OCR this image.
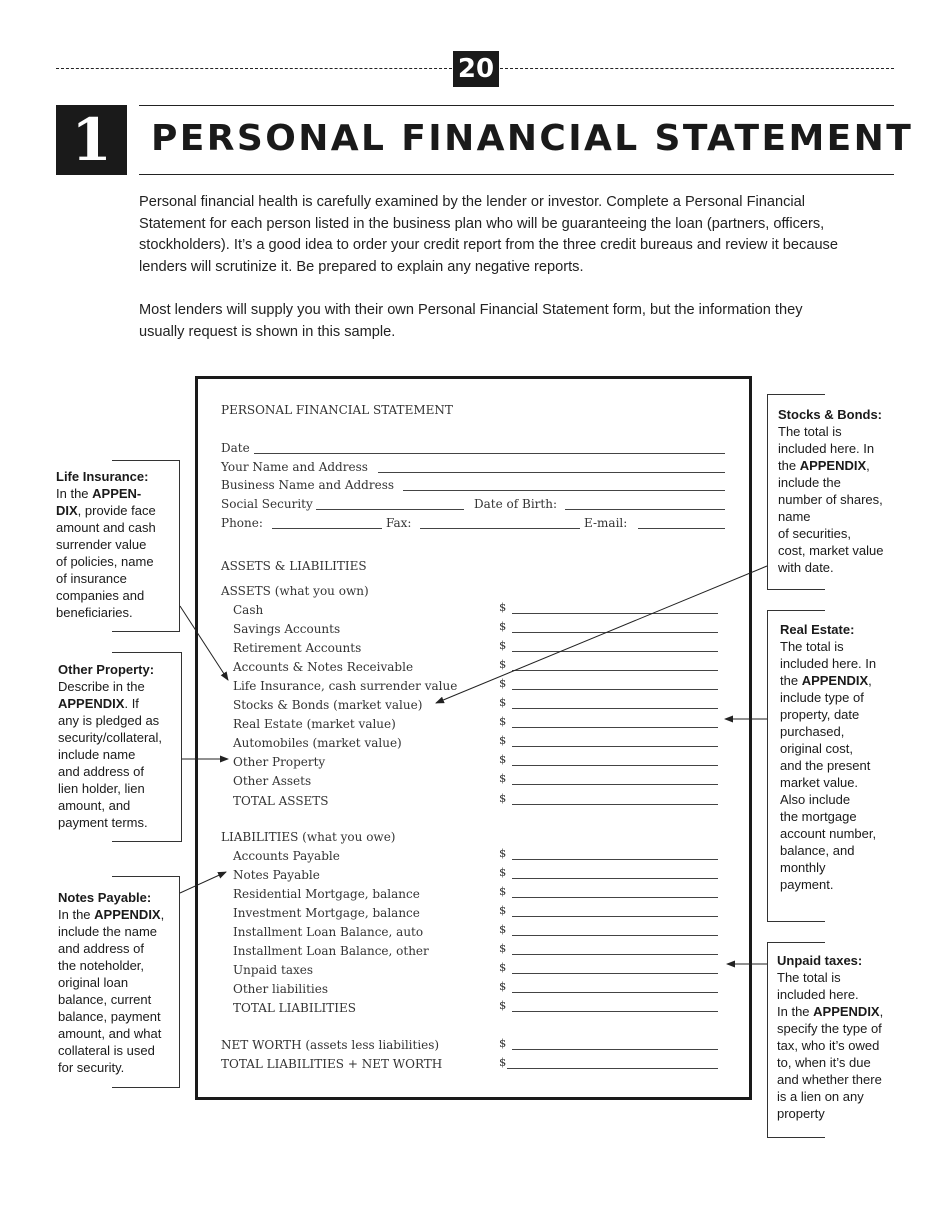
20
1	PERSONAL FINANCIAL STATEMENT

Personal financial health is carefully examined by the lender or investor. Complete a Personal Financial Statement for each person listed in the business plan who will be guaranteeing the loan (partners, officers, stockholders). It’s a good idea to order your credit report from the three credit bureaus and review it because lenders will scrutinize it. Be prepared to explain any negative reports.

Most lenders will supply you with their own Personal Financial Statement form, but the information they usually request is shown in this sample.

PERSONAL FINANCIAL STATEMENT
Date
Your Name and Address
Business Name and Address
Social Security	Date of Birth:
Phone:	Fax:	E-mail:
ASSETS & LIABILITIES
ASSETS (what you own)
Cash	$
Savings Accounts	$
Retirement Accounts	$
Accounts & Notes Receivable	$
Life Insurance, cash surrender value	$
Stocks & Bonds (market value)	$
Real Estate (market value)	$
Automobiles (market value)	$
Other Property	$
Other Assets	$
TOTAL ASSETS	$
LIABILITIES (what you owe)
Accounts Payable	$
Notes Payable	$
Residential Mortgage, balance	$
Investment Mortgage, balance	$
Installment Loan Balance, auto	$
Installment Loan Balance, other	$
Unpaid taxes	$
Other liabilities	$
TOTAL LIABILITIES	$
NET WORTH (assets less liabilities)	$
TOTAL LIABILITIES + NET WORTH	$
Life Insurance:
In the APPEN-
DIX, provide face
amount and cash
surrender value
of policies, name
of insurance
companies and
beneficiaries.
Other Property:
Describe in the
APPENDIX. If
any is pledged as
security/collateral,
include name
and address of
lien holder, lien
amount, and
payment terms.
Notes Payable:
In the APPENDIX,
include the name
and address of
the noteholder,
original loan
balance, current
balance, payment
amount, and what
collateral is used
for security.
Stocks & Bonds:
The total is
included here. In
the APPENDIX,
include the
number of shares,
name
of securities,
cost, market value
with date.
Real Estate:
The total is
included here. In
the APPENDIX,
include type of
property, date
purchased,
original cost,
and the present
market value.
Also include
the mortgage
account number,
balance, and
monthly
payment.
Unpaid taxes:
The total is
included here.
In the APPENDIX,
specify the type of
tax, who it’s owed
to, when it’s due
and whether there
is a lien on any
property
